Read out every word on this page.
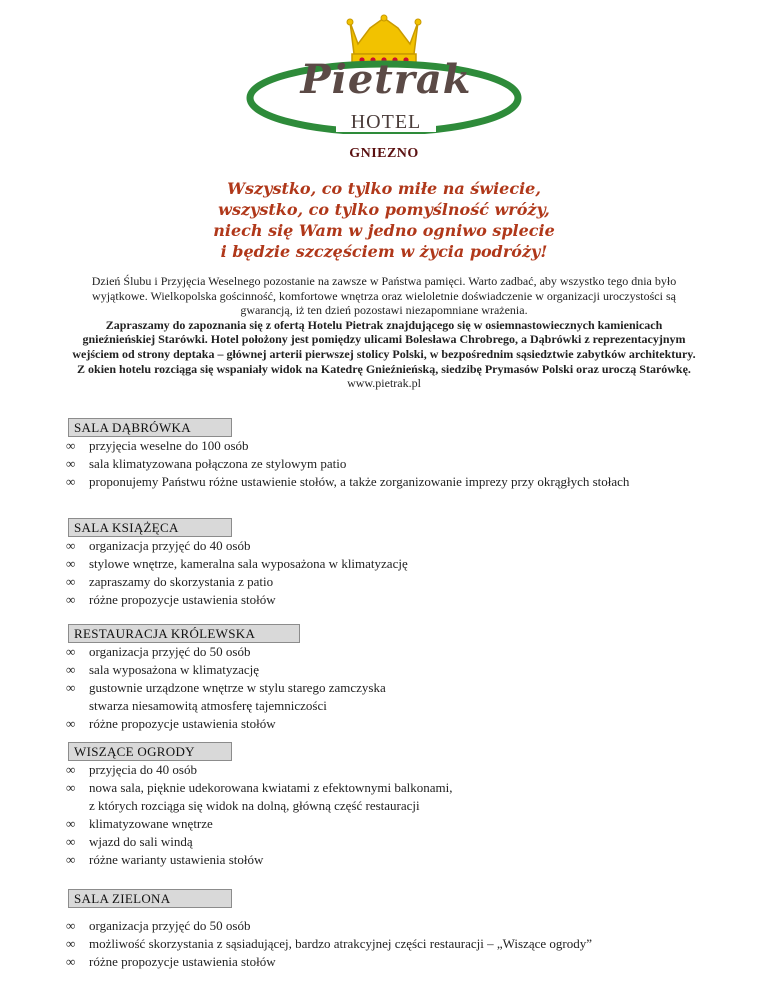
Pietrak
HOTEL
GNIEZNO
Wszystko, co tylko miłe na świecie,
wszystko, co tylko pomyślność wróży,
niech się Wam w jedno ogniwo splecie
i będzie szczęściem w życia podróży!
Dzień Ślubu i Przyjęcia Weselnego pozostanie na zawsze w Państwa pamięci. Warto zadbać, aby wszystko tego dnia było wyjątkowe. Wielkopolska gościnność, komfortowe wnętrza oraz wieloletnie doświadczenie w organizacji uroczystości są gwarancją, iż ten dzień pozostawi niezapomniane wrażenia.
Zapraszamy do zapoznania się z ofertą Hotelu Pietrak znajdującego się w osiemnastowiecznych kamienicach gnieźnieńskiej Starówki. Hotel położony jest pomiędzy ulicami Bolesława Chrobrego, a Dąbrówki z reprezentacyjnym wejściem od strony deptaka – głównej arterii pierwszej stolicy Polski, w bezpośrednim sąsiedztwie zabytków architektury. Z okien hotelu rozciąga się wspaniały widok na Katedrę Gnieźnieńską, siedzibę Prymasów Polski oraz uroczą Starówkę.
www.pietrak.pl
SALA DĄBRÓWKA
∞ przyjęcia weselne do 100 osób
∞ sala klimatyzowana połączona ze stylowym patio
∞ proponujemy Państwu różne ustawienie stołów, a także zorganizowanie imprezy przy okrągłych stołach
SALA KSIĄŻĘCA
∞ organizacja przyjęć do 40 osób
∞ stylowe wnętrze, kameralna sala wyposażona w klimatyzację
∞ zapraszamy do skorzystania z patio
∞ różne propozycje ustawienia stołów
RESTAURACJA KRÓLEWSKA
∞ organizacja przyjęć do 50 osób
∞ sala wyposażona w klimatyzację
∞ gustownie urządzone wnętrze w stylu starego zamczyska
stwarza niesamowitą atmosferę tajemniczości
∞ różne propozycje ustawienia stołów
WISZĄCE OGRODY
∞ przyjęcia do 40 osób
∞ nowa sala, pięknie udekorowana kwiatami z efektownymi balkonami,
z których rozciąga się widok na dolną, główną część restauracji
∞ klimatyzowane wnętrze
∞ wjazd do sali windą
∞ różne warianty ustawienia stołów
SALA ZIELONA
∞ organizacja przyjęć do 50 osób
∞ możliwość skorzystania z sąsiadującej, bardzo atrakcyjnej części restauracji – „Wiszące ogrody”
∞ różne propozycje ustawienia stołów
